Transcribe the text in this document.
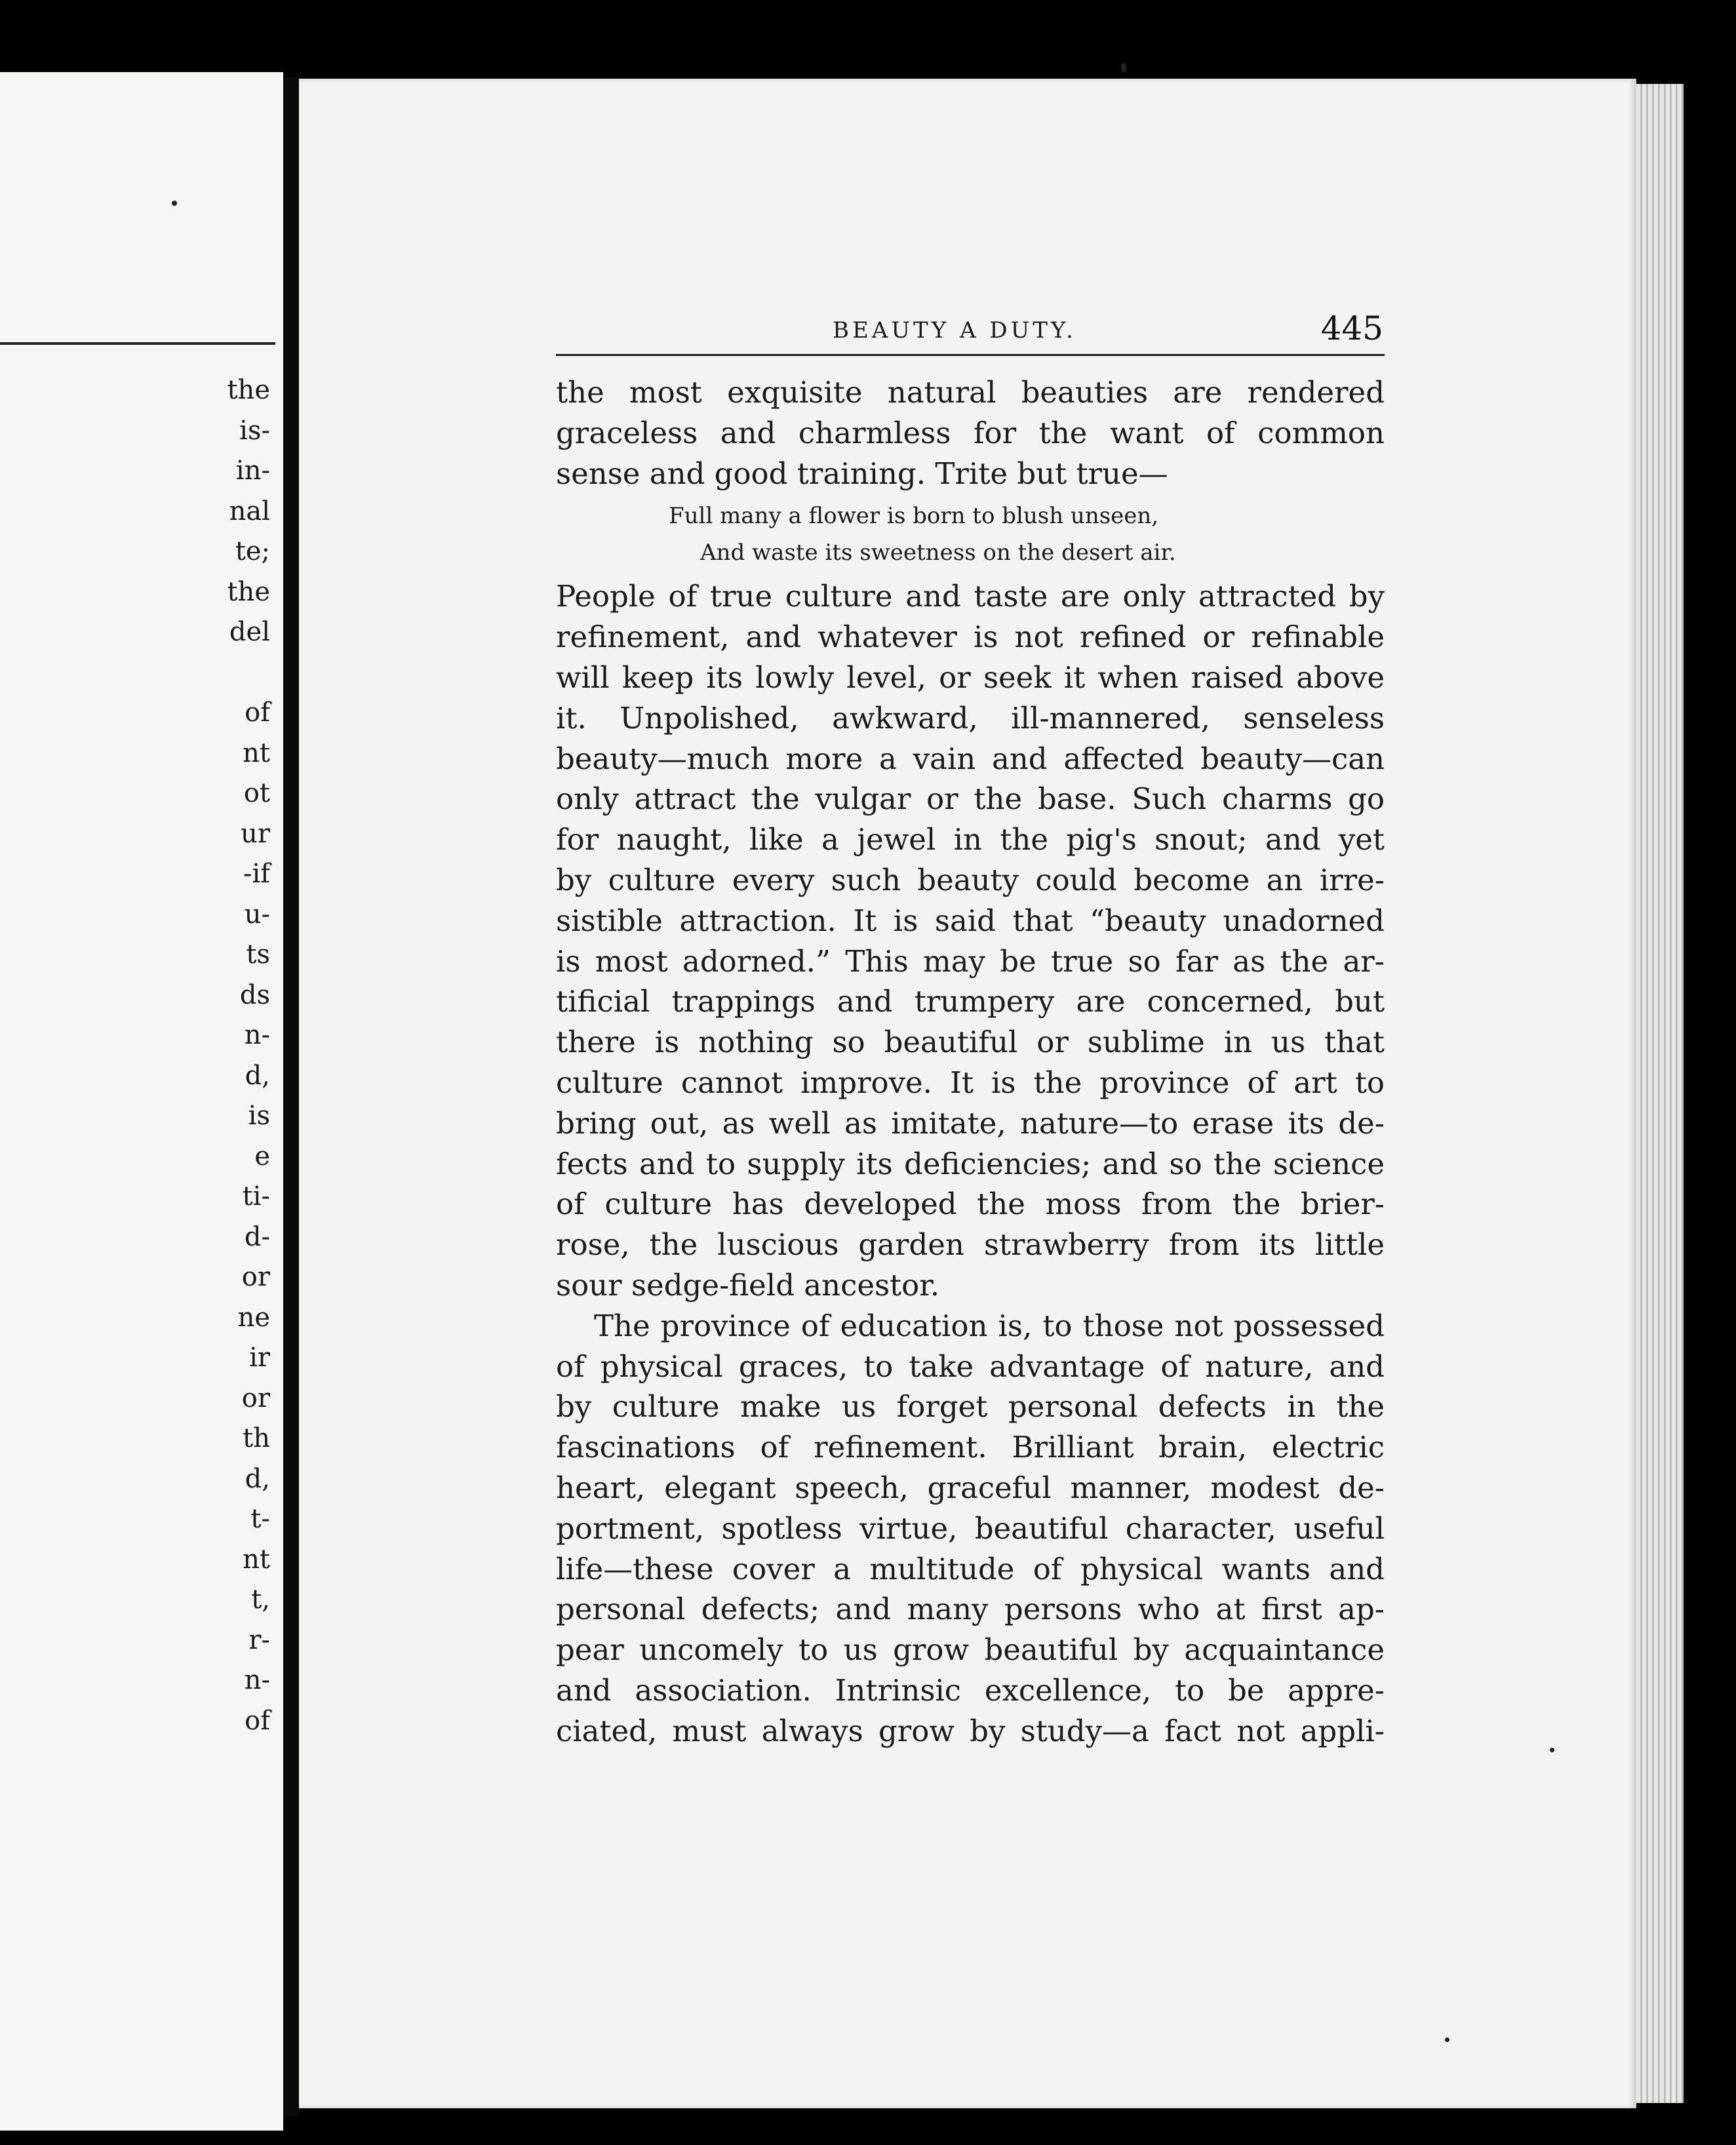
the
is-
in-
nal
te;
the
del
of
nt
ot
ur
-if
u-
ts
ds
n-
d,
is
e
ti-
d-
or
ne
ir
or
th
d,
t-
nt
t,
r-
n-
of
BEAUTY A DUTY.	445
the most exquisite natural beauties are rendered
graceless and charmless for the want of common
sense and good training. Trite but true—
Full many a flower is born to blush unseen,
And waste its sweetness on the desert air.
People of true culture and taste are only attracted by
refinement, and whatever is not refined or refinable
will keep its lowly level, or seek it when raised above
it. Unpolished, awkward, ill-mannered, senseless
beauty—much more a vain and affected beauty—can
only attract the vulgar or the base. Such charms go
for naught, like a jewel in the pig's snout; and yet
by culture every such beauty could become an irre-
sistible attraction. It is said that “beauty unadorned
is most adorned.” This may be true so far as the ar-
tificial trappings and trumpery are concerned, but
there is nothing so beautiful or sublime in us that
culture cannot improve. It is the province of art to
bring out, as well as imitate, nature—to erase its de-
fects and to supply its deficiencies; and so the science
of culture has developed the moss from the brier-
rose, the luscious garden strawberry from its little
sour sedge-field ancestor.
The province of education is, to those not possessed
of physical graces, to take advantage of nature, and
by culture make us forget personal defects in the
fascinations of refinement. Brilliant brain, electric
heart, elegant speech, graceful manner, modest de-
portment, spotless virtue, beautiful character, useful
life—these cover a multitude of physical wants and
personal defects; and many persons who at first ap-
pear uncomely to us grow beautiful by acquaintance
and association. Intrinsic excellence, to be appre-
ciated, must always grow by study—a fact not appli-
